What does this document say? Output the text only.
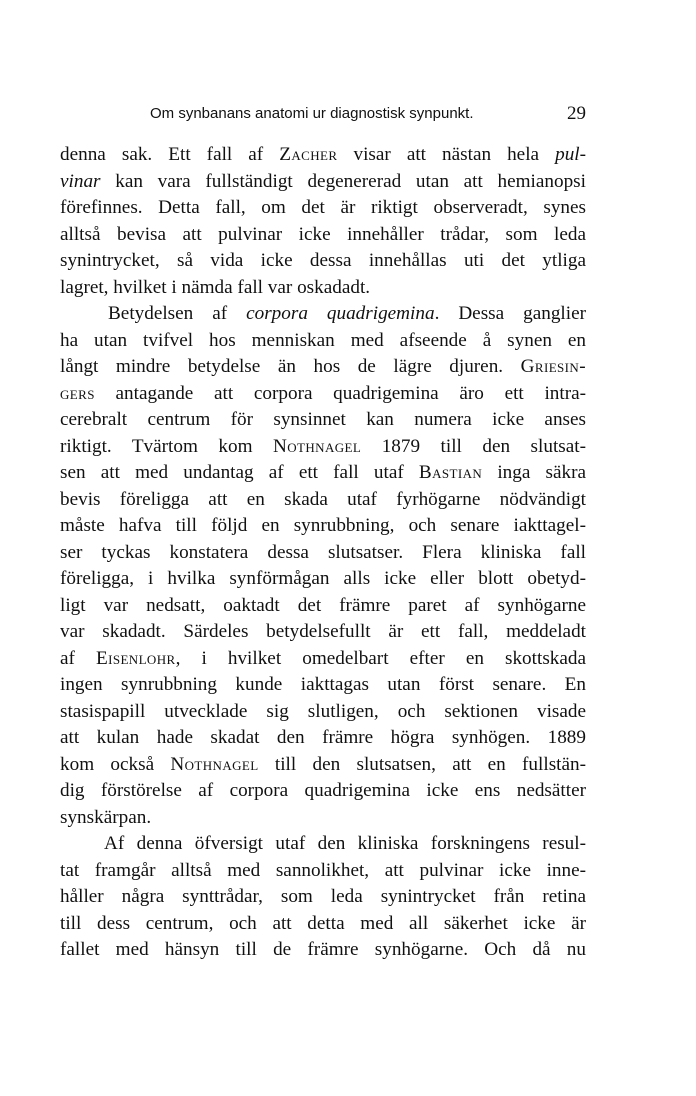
Om synbanans anatomi ur diagnostisk synpunkt.	29
denna sak. Ett fall af Zacher visar att nästan hela pul-
vinar kan vara fullständigt degenererad utan att hemianopsi
förefinnes. Detta fall, om det är riktigt observeradt, synes
alltså bevisa att pulvinar icke innehåller trådar, som leda
synintrycket, så vida icke dessa innehållas uti det ytliga
lagret, hvilket i nämda fall var oskadadt.
Betydelsen af corpora quadrigemina. Dessa ganglier
ha utan tvifvel hos menniskan med afseende å synen en
långt mindre betydelse än hos de lägre djuren. Griesin-
gers antagande att corpora quadrigemina äro ett intra-
cerebralt centrum för synsinnet kan numera icke anses
riktigt. Tvärtom kom Nothnagel 1879 till den slutsat-
sen att med undantag af ett fall utaf Bastian inga säkra
bevis föreligga att en skada utaf fyrhögarne nödvändigt
måste hafva till följd en synrubbning, och senare iakttagel-
ser tyckas konstatera dessa slutsatser. Flera kliniska fall
föreligga, i hvilka synförmågan alls icke eller blott obetyd-
ligt var nedsatt, oaktadt det främre paret af synhögarne
var skadadt. Särdeles betydelsefullt är ett fall, meddeladt
af Eisenlohr, i hvilket omedelbart efter en skottskada
ingen synrubbning kunde iakttagas utan först senare. En
stasispapill utvecklade sig slutligen, och sektionen visade
att kulan hade skadat den främre högra synhögen. 1889
kom också Nothnagel till den slutsatsen, att en fullstän-
dig förstörelse af corpora quadrigemina icke ens nedsätter
synskärpan.
Af denna öfversigt utaf den kliniska forskningens resul-
tat framgår alltså med sannolikhet, att pulvinar icke inne-
håller några synttrådar, som leda synintrycket från retina
till dess centrum, och att detta med all säkerhet icke är
fallet med hänsyn till de främre synhögarne. Och då nu
